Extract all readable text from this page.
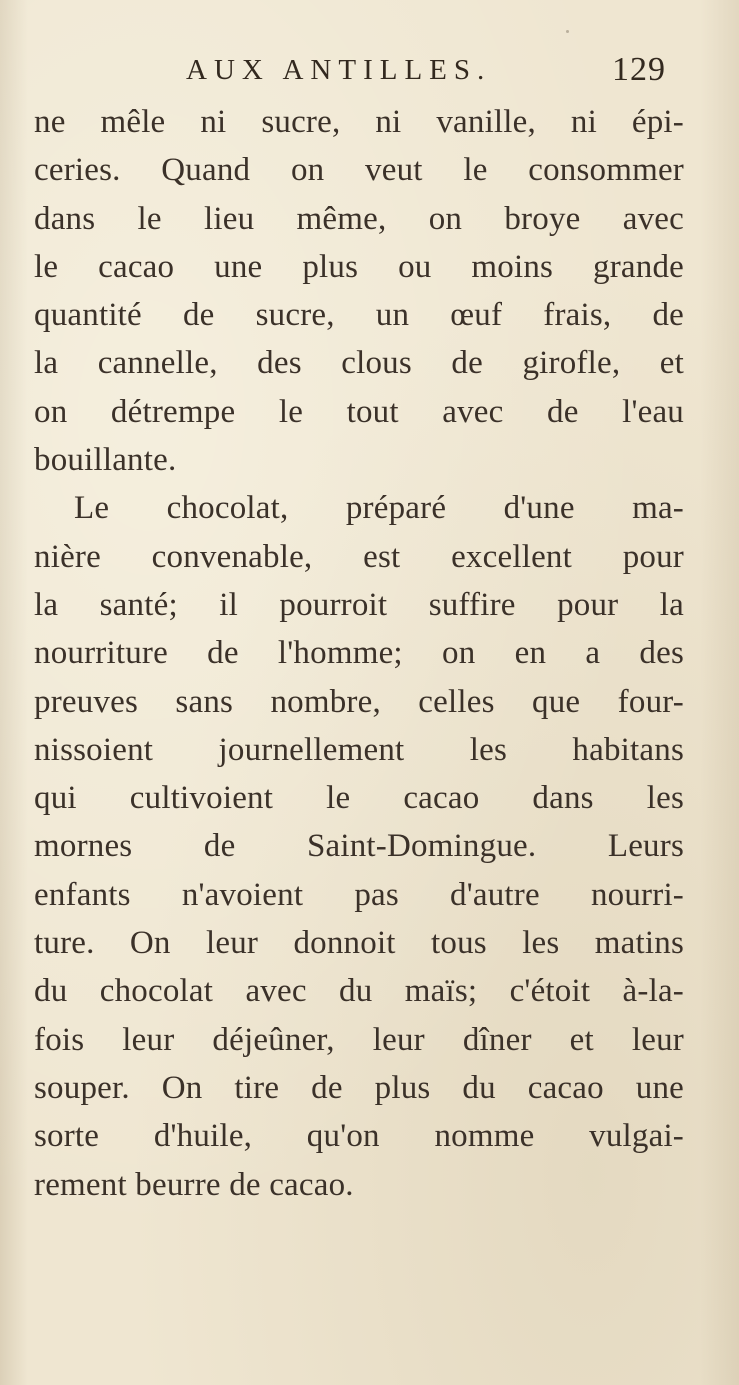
AUX ANTILLES.	129
ne mêle ni sucre, ni vanille, ni épi-
ceries. Quand on veut le consommer
dans le lieu même, on broye avec
le cacao une plus ou moins grande
quantité de sucre, un œuf frais, de
la cannelle, des clous de girofle, et
on détrempe le tout avec de l'eau
bouillante.
Le chocolat, préparé d'une ma-
nière convenable, est excellent pour
la santé; il pourroit suffire pour la
nourriture de l'homme; on en a des
preuves sans nombre, celles que four-
nissoient journellement les habitans
qui cultivoient le cacao dans les
mornes de Saint-Domingue. Leurs
enfants n'avoient pas d'autre nourri-
ture. On leur donnoit tous les matins
du chocolat avec du maïs; c'étoit à-la-
fois leur déjeûner, leur dîner et leur
souper. On tire de plus du cacao une
sorte d'huile, qu'on nomme vulgai-
rement beurre de cacao.
